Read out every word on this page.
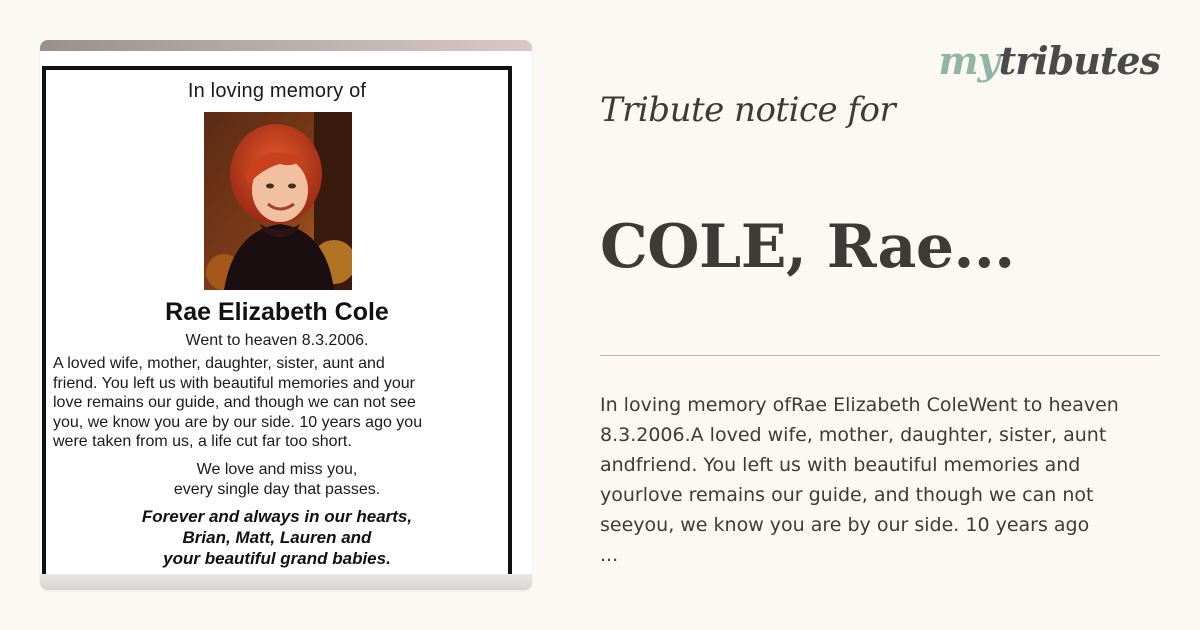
In loving memory of
Rae Elizabeth Cole
Went to heaven 8.3.2006.
A loved wife, mother, daughter, sister, aunt and
friend. You left us with beautiful memories and your
love remains our guide, and though we can not see
you, we know you are by our side. 10 years ago you
were taken from us, a life cut far too short.
We love and miss you,
every single day that passes.
Forever and always in our hearts,
Brian, Matt, Lauren and
your beautiful grand babies.
mytributes
Tribute notice for
COLE, Rae...
In loving memory ofRae Elizabeth ColeWent to heaven
8.3.2006.A loved wife, mother, daughter, sister, aunt
andfriend. You left us with beautiful memories and
yourlove remains our guide, and though we can not
seeyou, we know you are by our side. 10 years ago
...
